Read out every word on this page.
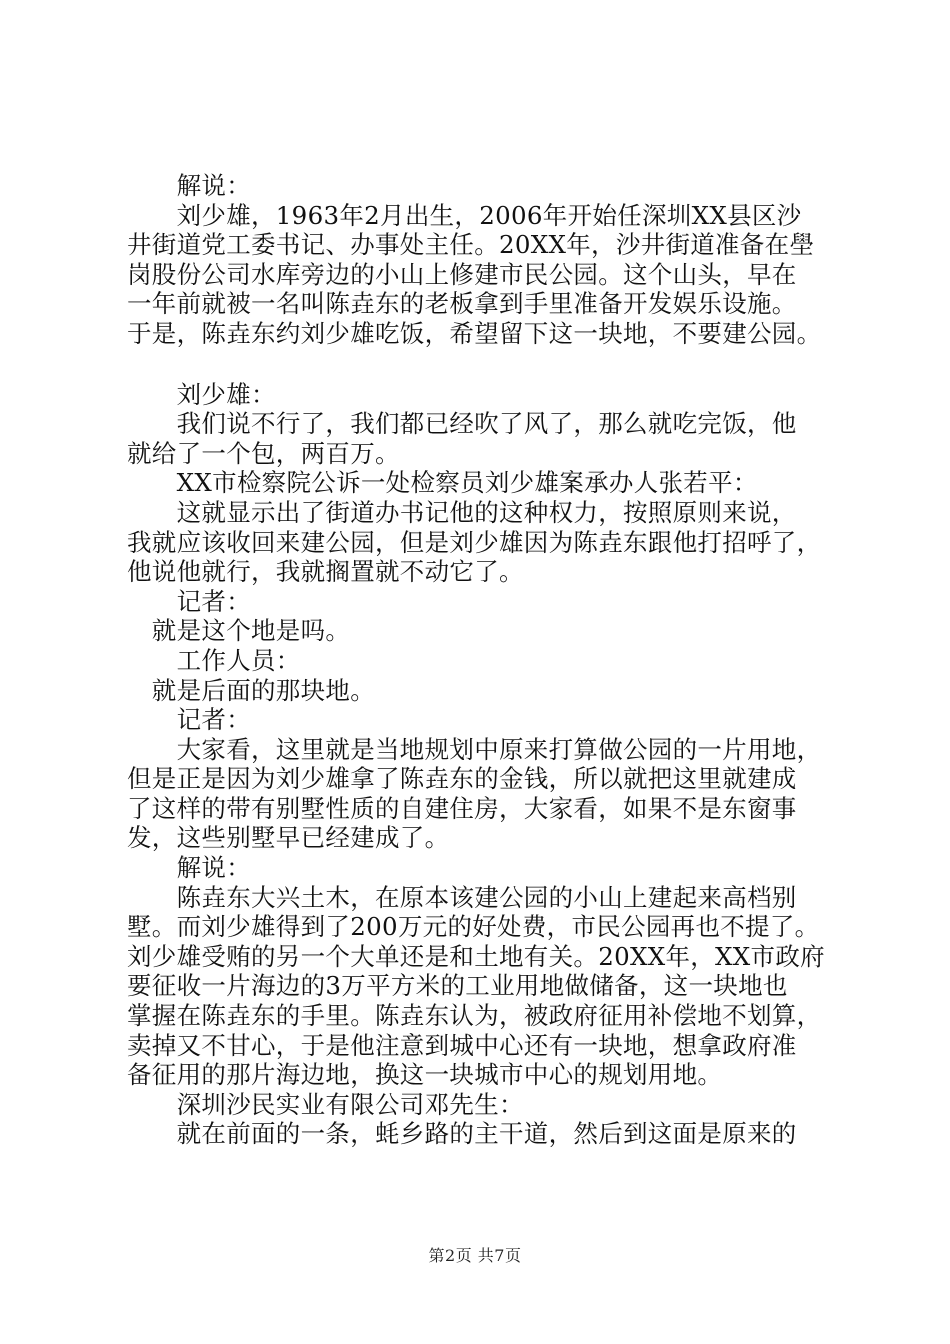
　　解说：

　　刘少雄，1963年2月出生，2006年开始任深圳XX县区沙

井街道党工委书记、办事处主任。20XX年，沙井街道准备在壆

岗股份公司水库旁边的小山上修建市民公园。这个山头，早在

一年前就被一名叫陈垚东的老板拿到手里准备开发娱乐设施。

于是，陈垚东约刘少雄吃饭，希望留下这一块地，不要建公园。

　　刘少雄：

　　我们说不行了，我们都已经吹了风了，那么就吃完饭，他

就给了一个包，两百万。

　　XX市检察院公诉一处检察员刘少雄案承办人张若平：

　　这就显示出了街道办书记他的这种权力，按照原则来说，

我就应该收回来建公园，但是刘少雄因为陈垚东跟他打招呼了，

他说他就行，我就搁置就不动它了。

　　记者：

　就是这个地是吗。

　　工作人员：

　就是后面的那块地。

　　记者：

　　大家看，这里就是当地规划中原来打算做公园的一片用地，

但是正是因为刘少雄拿了陈垚东的金钱，所以就把这里就建成

了这样的带有别墅性质的自建住房，大家看，如果不是东窗事

发，这些别墅早已经建成了。

　　解说：

　　陈垚东大兴土木，在原本该建公园的小山上建起来高档别

墅。而刘少雄得到了200万元的好处费，市民公园再也不提了。

刘少雄受贿的另一个大单还是和土地有关。20XX年，XX市政府

要征收一片海边的3万平方米的工业用地做储备，这一块地也

掌握在陈垚东的手里。陈垚东认为，被政府征用补偿地不划算，

卖掉又不甘心，于是他注意到城中心还有一块地，想拿政府准

备征用的那片海边地，换这一块城市中心的规划用地。

　　深圳沙民实业有限公司邓先生：

　　就在前面的一条，蚝乡路的主干道，然后到这面是原来的

第2页 共7页
